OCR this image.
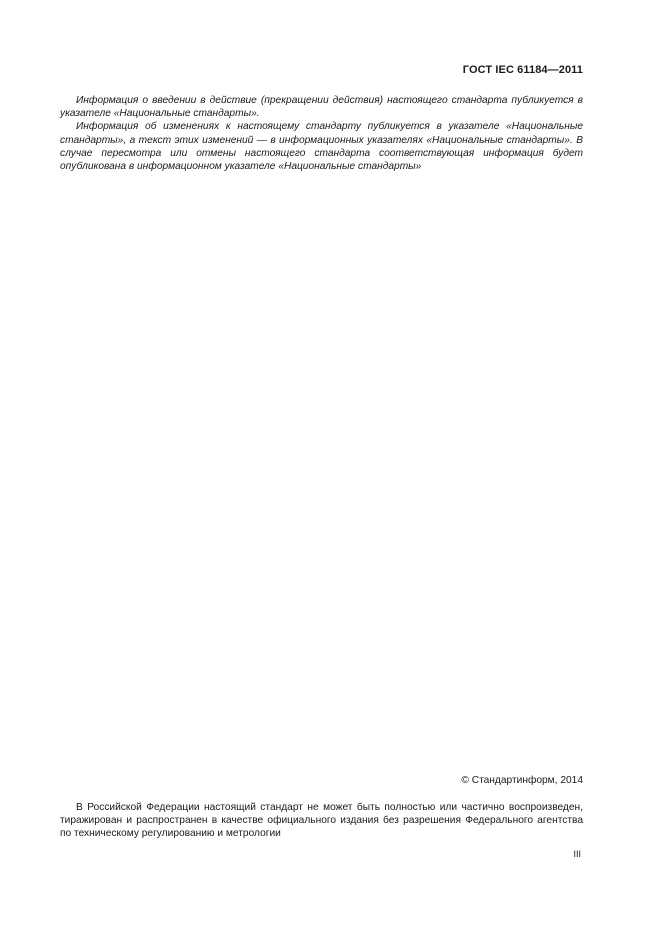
ГОСТ IEC 61184—2011

Информация о введении в действие (прекращении действия) настоящего стандарта публикуется в указателе «Национальные стандарты».

Информация об изменениях к настоящему стандарту публикуется в указателе «Национальные стандарты», а текст этих изменений — в информационных указателях «Национальные стандарты». В случае пересмотра или отмены настоящего стандарта соответствующая информация будет опубликована в информационном указателе «Национальные стандарты»

© Стандартинформ, 2014

В Российской Федерации настоящий стандарт не может быть полностью или частично воспроизведен, тиражирован и распространен в качестве официального издания без разрешения Федерального агентства по техническому регулированию и метрологии

III
